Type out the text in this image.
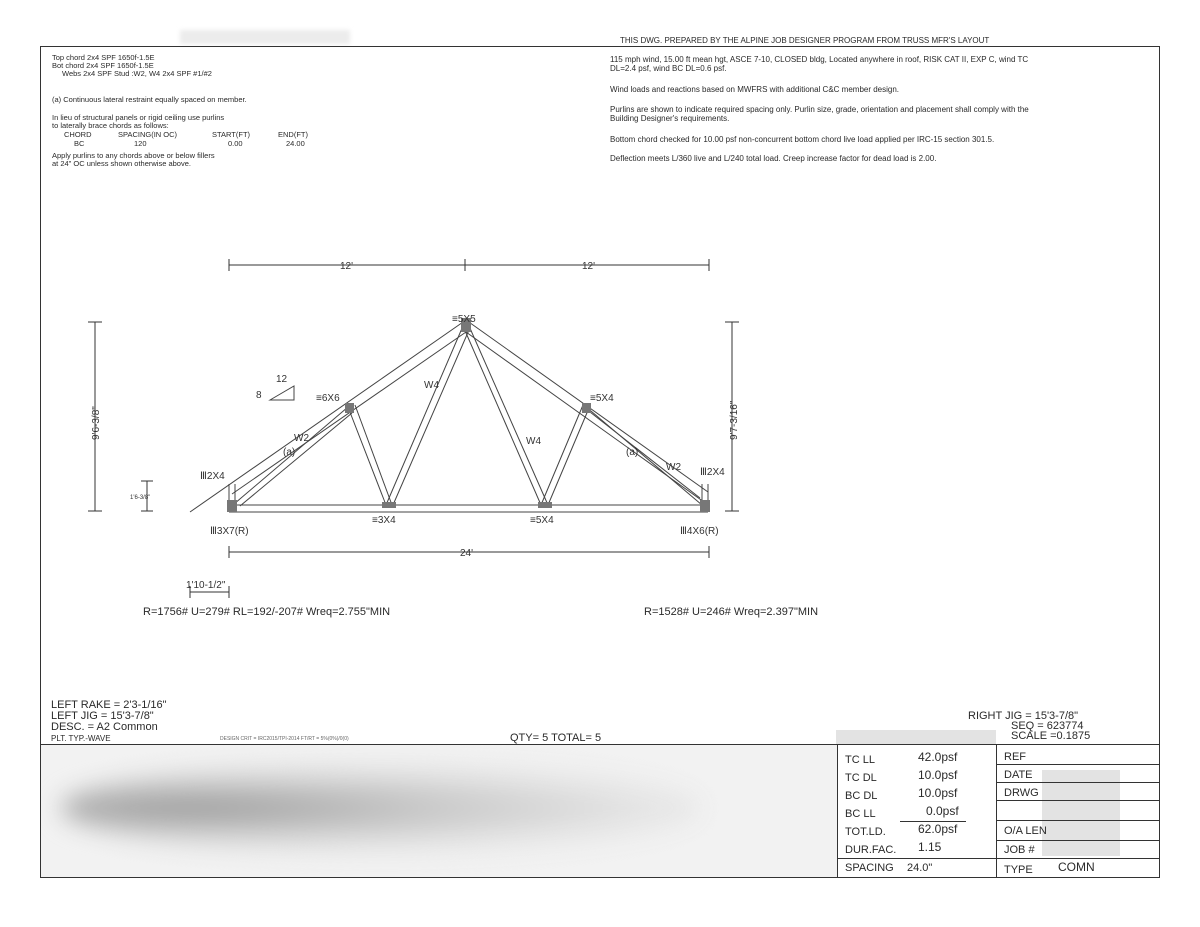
THIS DWG. PREPARED BY THE ALPINE JOB DESIGNER PROGRAM FROM TRUSS MFR'S LAYOUT
Top chord 2x4 SPF 1650f-1.5E
Bot chord 2x4 SPF 1650f-1.5E
Webs 2x4 SPF Stud :W2, W4 2x4 SPF #1/#2
(a) Continuous lateral restraint equally spaced on member.
In lieu of structural panels or rigid ceiling use purlins
to laterally brace chords as follows:
CHORD	SPACING(IN OC)	START(FT)	END(FT)
BC	120	0.00	24.00
Apply purlins to any chords above or below fillers
at 24" OC unless shown otherwise above.
115 mph wind, 15.00 ft mean hgt, ASCE 7-10, CLOSED bldg, Located anywhere in roof, RISK CAT II, EXP C, wind TC
DL=2.4 psf, wind BC DL=0.6 psf.
Wind loads and reactions based on MWFRS with additional C&C member design.
Purlins are shown to indicate required spacing only. Purlin size, grade, orientation and placement shall comply with the
Building Designer's requirements.
Bottom chord checked for 10.00 psf non-concurrent bottom chord live load applied per IRC-15 section 301.5.
Deflection meets L/360 live and L/240 total load. Creep increase factor for dead load is 2.00.
12'	12'
24'
9'6-3/8"	9'7-3/16"
1'6-3/8"
1'10-1/2"
8
12
≡5X5
≡6X6	≡5X4
Ⅲ2X4	Ⅲ2X4
≡3X4	≡5X4
Ⅲ3X7(R)	Ⅲ4X6(R)
W4
W4
W2
W2
(a)	(a)
R=1756# U=279# RL=192/-207# Wreq=2.755"MIN	R=1528# U=246# Wreq=2.397"MIN
LEFT RAKE = 2'3-1/16"
LEFT JIG = 15'3-7/8"
DESC. = A2 Common
PLT. TYP.-WAVE	DESIGN CRIT = IRC2015/TPI-2014 FT/RT = 5%(0%)/0(0)	QTY= 5 TOTAL= 5
RIGHT JIG = 15'3-7/8"
SEQ = 623774
SCALE =0.1875
TC LL	42.0psf
TC DL	10.0psf
BC DL	10.0psf
BC LL	0.0psf
TOT.LD.	62.0psf
DUR.FAC. 1.15
SPACING 24.0"
REF
DATE
DRWG
O/A LEN
JOB #
TYPE COMN
